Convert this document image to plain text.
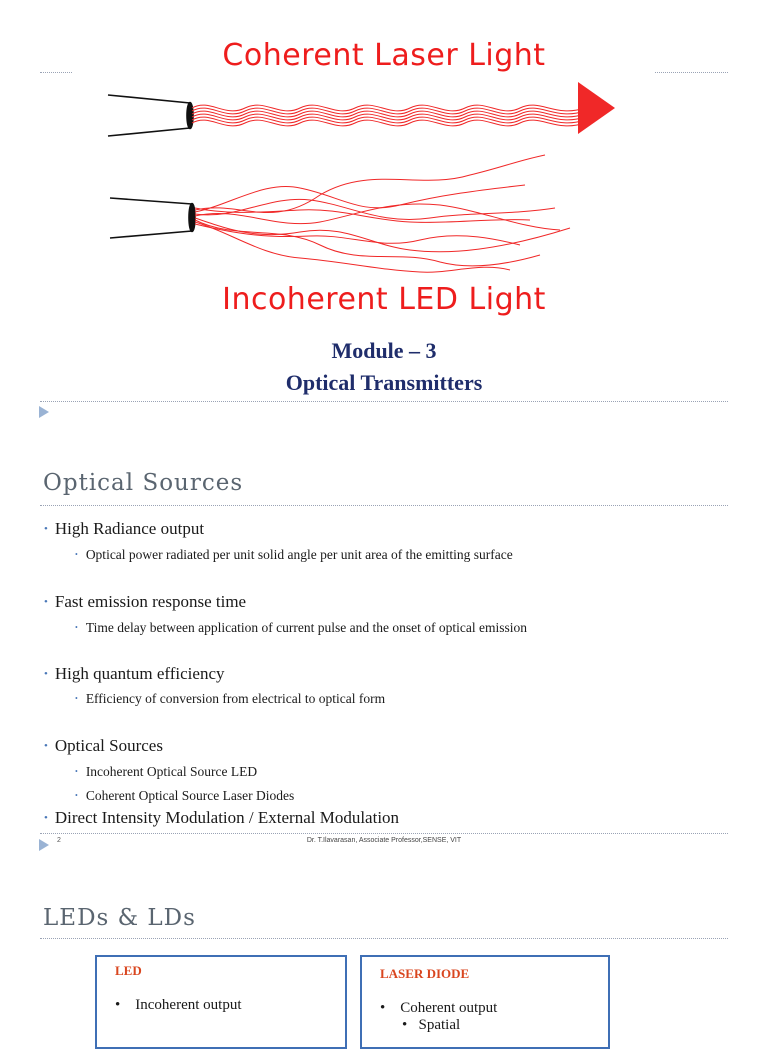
Coherent Laser Light
Incoherent LED Light
Module – 3
Optical Transmitters
Optical Sources
• High Radiance output
• Optical power radiated per unit solid angle per unit area of the emitting surface
• Fast emission response time
• Time delay between application of current pulse and the onset of optical emission
• High quantum efficiency
• Efficiency of conversion from electrical to optical form
• Optical Sources
• Incoherent Optical Source LED
• Coherent Optical Source Laser Diodes
• Direct Intensity Modulation / External Modulation
2	Dr. T.Ilavarasan, Associate Professor,SENSE, VIT
LEDs & LDs
LED
• Incoherent output
LASER DIODE
• Coherent output
• Spatial
